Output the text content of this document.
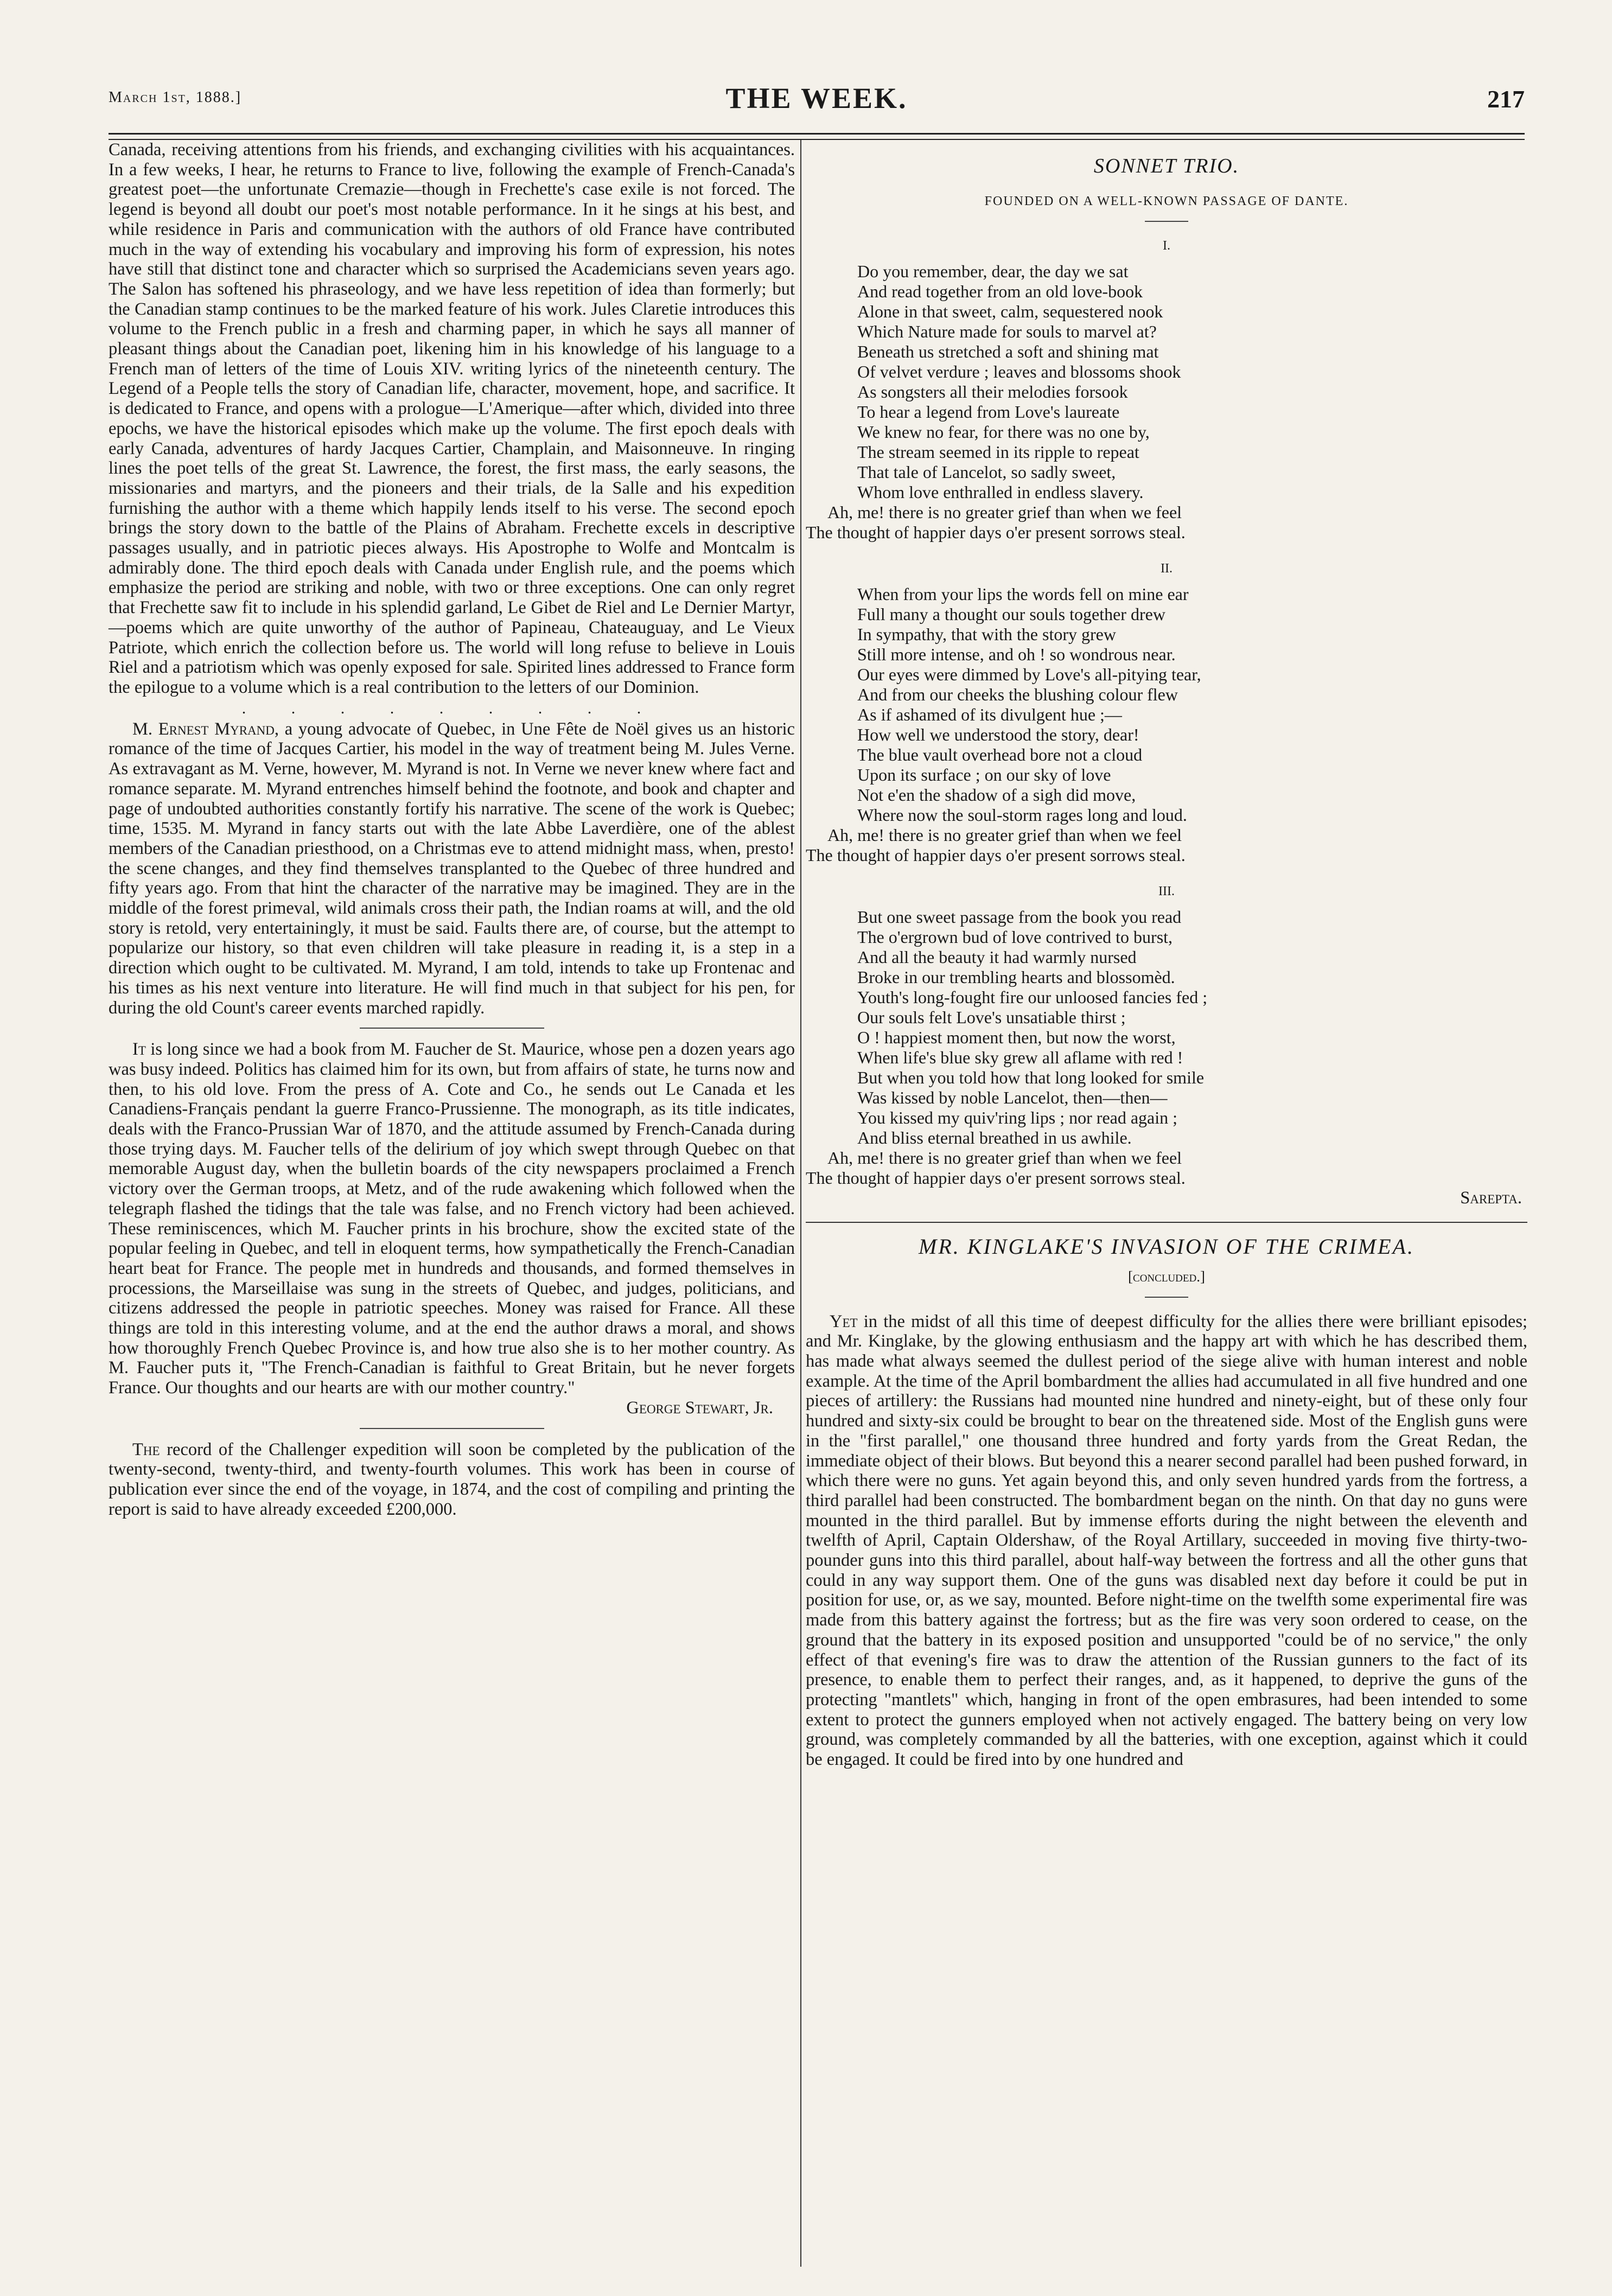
March 1st, 1888.]	THE WEEK.	217

Canada, receiving attentions from his friends, and exchanging civilities with his acquaintances. In a few weeks, I hear, he returns to France to live, following the example of French-Canada's greatest poet—the unfortunate Cremazie—though in Frechette's case exile is not forced. The legend is beyond all doubt our poet's most notable performance. In it he sings at his best, and while residence in Paris and communication with the authors of old France have contributed much in the way of extending his vocabulary and improving his form of expression, his notes have still that distinct tone and character which so surprised the Academicians seven years ago. The Salon has softened his phraseology, and we have less repetition of idea than formerly; but the Canadian stamp continues to be the marked feature of his work. Jules Claretie introduces this volume to the French public in a fresh and charming paper, in which he says all manner of pleasant things about the Canadian poet, likening him in his knowledge of his language to a French man of letters of the time of Louis XIV. writing lyrics of the nineteenth century. The Legend of a People tells the story of Canadian life, character, movement, hope, and sacrifice. It is dedicated to France, and opens with a prologue—L'Amerique—after which, divided into three epochs, we have the historical episodes which make up the volume. The first epoch deals with early Canada, adventures of hardy Jacques Cartier, Champlain, and Maisonneuve. In ringing lines the poet tells of the great St. Lawrence, the forest, the first mass, the early seasons, the missionaries and martyrs, and the pioneers and their trials, de la Salle and his expedition furnishing the author with a theme which happily lends itself to his verse. The second epoch brings the story down to the battle of the Plains of Abraham. Frechette excels in descriptive passages usually, and in patriotic pieces always. His Apostrophe to Wolfe and Montcalm is admirably done. The third epoch deals with Canada under English rule, and the poems which emphasize the period are striking and noble, with two or three exceptions. One can only regret that Frechette saw fit to include in his splendid garland, Le Gibet de Riel and Le Dernier Martyr,—poems which are quite unworthy of the author of Papineau, Chateauguay, and Le Vieux Patriote, which enrich the collection before us. The world will long refuse to believe in Louis Riel and a patriotism which was openly exposed for sale. Spirited lines addressed to France form the epilogue to a volume which is a real contribution to the letters of our Dominion.

. . . . . . . . .

M. Ernest Myrand, a young advocate of Quebec, in Une Fête de Noël gives us an historic romance of the time of Jacques Cartier, his model in the way of treatment being M. Jules Verne. As extravagant as M. Verne, however, M. Myrand is not. In Verne we never knew where fact and romance separate. M. Myrand entrenches himself behind the footnote, and book and chapter and page of undoubted authorities constantly fortify his narrative. The scene of the work is Quebec; time, 1535. M. Myrand in fancy starts out with the late Abbe Laverdière, one of the ablest members of the Canadian priesthood, on a Christmas eve to attend midnight mass, when, presto! the scene changes, and they find themselves transplanted to the Quebec of three hundred and fifty years ago. From that hint the character of the narrative may be imagined. They are in the middle of the forest primeval, wild animals cross their path, the Indian roams at will, and the old story is retold, very entertainingly, it must be said. Faults there are, of course, but the attempt to popularize our history, so that even children will take pleasure in reading it, is a step in a direction which ought to be cultivated. M. Myrand, I am told, intends to take up Frontenac and his times as his next venture into literature. He will find much in that subject for his pen, for during the old Count's career events marched rapidly.

It is long since we had a book from M. Faucher de St. Maurice, whose pen a dozen years ago was busy indeed. Politics has claimed him for its own, but from affairs of state, he turns now and then, to his old love. From the press of A. Cote and Co., he sends out Le Canada et les Canadiens-Français pendant la guerre Franco-Prussienne. The monograph, as its title indicates, deals with the Franco-Prussian War of 1870, and the attitude assumed by French-Canada during those trying days. M. Faucher tells of the delirium of joy which swept through Quebec on that memorable August day, when the bulletin boards of the city newspapers proclaimed a French victory over the German troops, at Metz, and of the rude awakening which followed when the telegraph flashed the tidings that the tale was false, and no French victory had been achieved. These reminiscences, which M. Faucher prints in his brochure, show the excited state of the popular feeling in Quebec, and tell in eloquent terms, how sympathetically the French-Canadian heart beat for France. The people met in hundreds and thousands, and formed themselves in processions, the Marseillaise was sung in the streets of Quebec, and judges, politicians, and citizens addressed the people in patriotic speeches. Money was raised for France. All these things are told in this interesting volume, and at the end the author draws a moral, and shows how thoroughly French Quebec Province is, and how true also she is to her mother country. As M. Faucher puts it, "The French-Canadian is faithful to Great Britain, but he never forgets France. Our thoughts and our hearts are with our mother country."

George Stewart, Jr.

The record of the Challenger expedition will soon be completed by the publication of the twenty-second, twenty-third, and twenty-fourth volumes. This work has been in course of publication ever since the end of the voyage, in 1874, and the cost of compiling and printing the report is said to have already exceeded £200,000.

SONNET TRIO.
FOUNDED ON A WELL-KNOWN PASSAGE OF DANTE.
I.
Do you remember, dear, the day we sat
And read together from an old love-book
Alone in that sweet, calm, sequestered nook
Which Nature made for souls to marvel at?
Beneath us stretched a soft and shining mat
Of velvet verdure ; leaves and blossoms shook
As songsters all their melodies forsook
To hear a legend from Love's laureate
We knew no fear, for there was no one by,
The stream seemed in its ripple to repeat
That tale of Lancelot, so sadly sweet,
Whom love enthralled in endless slavery.
Ah, me! there is no greater grief than when we feel
The thought of happier days o'er present sorrows steal.
II.
When from your lips the words fell on mine ear
Full many a thought our souls together drew
In sympathy, that with the story grew
Still more intense, and oh ! so wondrous near.
Our eyes were dimmed by Love's all-pitying tear,
And from our cheeks the blushing colour flew
As if ashamed of its divulgent hue ;—
How well we understood the story, dear!
The blue vault overhead bore not a cloud
Upon its surface ; on our sky of love
Not e'en the shadow of a sigh did move,
Where now the soul-storm rages long and loud.
Ah, me! there is no greater grief than when we feel
The thought of happier days o'er present sorrows steal.
III.
But one sweet passage from the book you read
The o'ergrown bud of love contrived to burst,
And all the beauty it had warmly nursed
Broke in our trembling hearts and blossomèd.
Youth's long-fought fire our unloosed fancies fed ;
Our souls felt Love's unsatiable thirst ;
O ! happiest moment then, but now the worst,
When life's blue sky grew all aflame with red !
But when you told how that long looked for smile
Was kissed by noble Lancelot, then—then—
You kissed my quiv'ring lips ; nor read again ;
And bliss eternal breathed in us awhile.
Ah, me! there is no greater grief than when we feel
The thought of happier days o'er present sorrows steal.
Sarepta.
MR. KINGLAKE'S INVASION OF THE CRIMEA.
[concluded.]

Yet in the midst of all this time of deepest difficulty for the allies there were brilliant episodes; and Mr. Kinglake, by the glowing enthusiasm and the happy art with which he has described them, has made what always seemed the dullest period of the siege alive with human interest and noble example. At the time of the April bombardment the allies had accumulated in all five hundred and one pieces of artillery: the Russians had mounted nine hundred and ninety-eight, but of these only four hundred and sixty-six could be brought to bear on the threatened side. Most of the English guns were in the "first parallel," one thousand three hundred and forty yards from the Great Redan, the immediate object of their blows. But beyond this a nearer second parallel had been pushed forward, in which there were no guns. Yet again beyond this, and only seven hundred yards from the fortress, a third parallel had been constructed. The bombardment began on the ninth. On that day no guns were mounted in the third parallel. But by immense efforts during the night between the eleventh and twelfth of April, Captain Oldershaw, of the Royal Artillary, succeeded in moving five thirty-two-pounder guns into this third parallel, about half-way between the fortress and all the other guns that could in any way support them. One of the guns was disabled next day before it could be put in position for use, or, as we say, mounted. Before night-time on the twelfth some experimental fire was made from this battery against the fortress; but as the fire was very soon ordered to cease, on the ground that the battery in its exposed position and unsupported "could be of no service," the only effect of that evening's fire was to draw the attention of the Russian gunners to the fact of its presence, to enable them to perfect their ranges, and, as it happened, to deprive the guns of the protecting "mantlets" which, hanging in front of the open embrasures, had been intended to some extent to protect the gunners employed when not actively engaged. The battery being on very low ground, was completely commanded by all the batteries, with one exception, against which it could be engaged. It could be fired into by one hundred and
